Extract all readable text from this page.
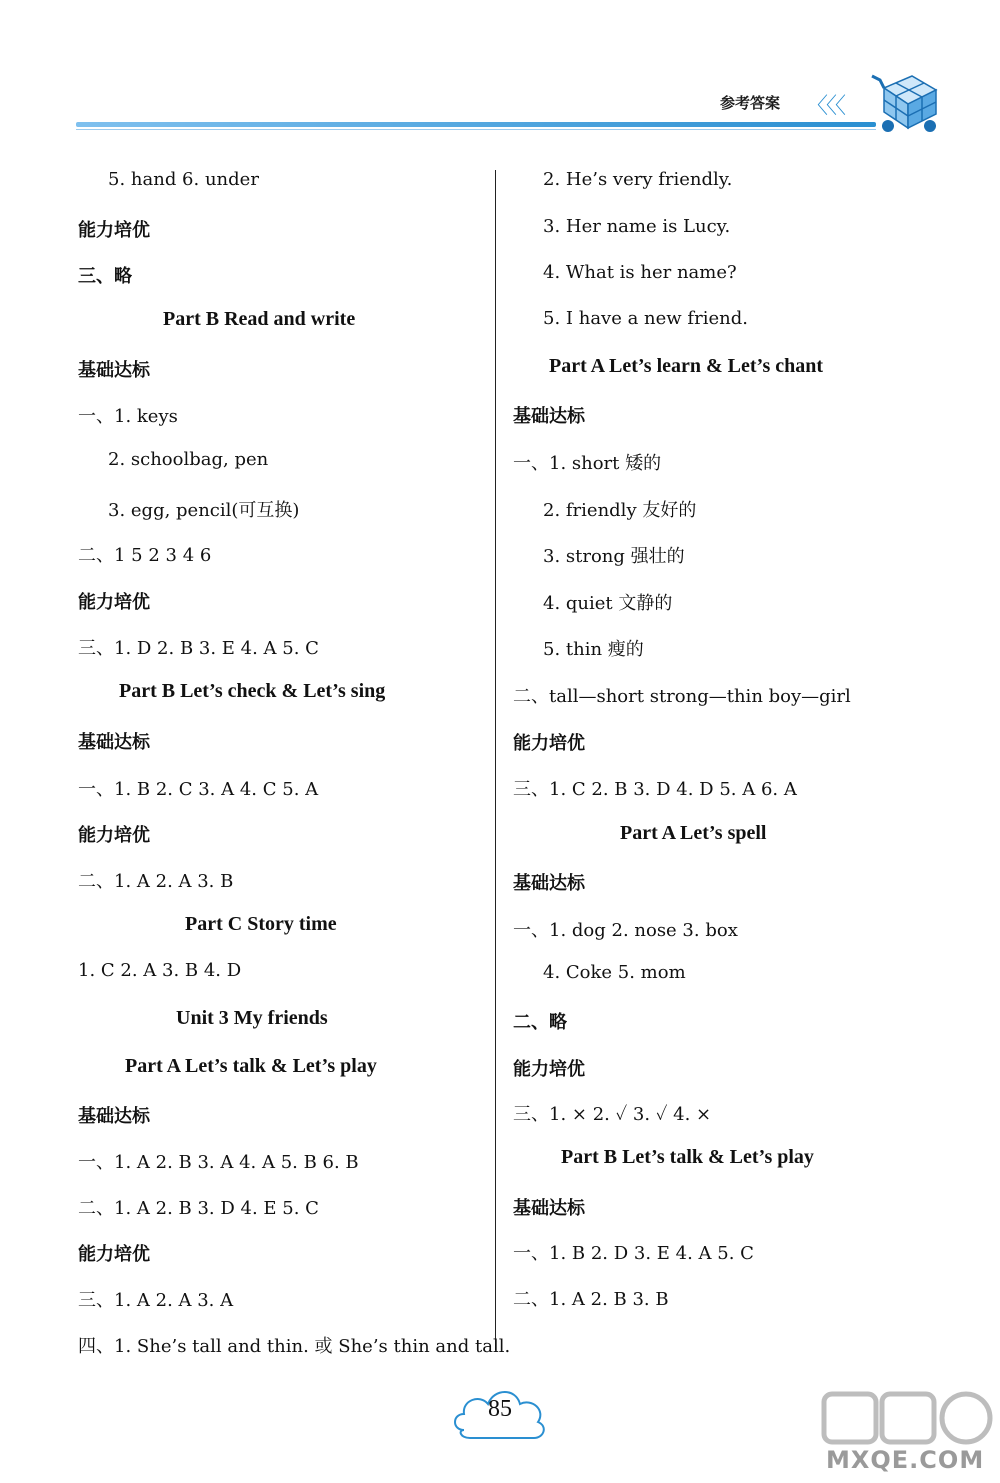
参考答案 〈〈〈
5. hand 6. under
能力培优
三、略
Part B Read and write
基础达标
一、1. keys
2. schoolbag, pen
3. egg, pencil(可互换)
二、1 5 2 3 4 6
能力培优
三、1. D 2. B 3. E 4. A 5. C
Part B Let’s check & Let’s sing
基础达标
一、1. B 2. C 3. A 4. C 5. A
能力培优
二、1. A 2. A 3. B
Part C Story time
1. C 2. A 3. B 4. D
Unit 3 My friends
Part A Let’s talk & Let’s play
基础达标
一、1. A 2. B 3. A 4. A 5. B 6. B
二、1. A 2. B 3. D 4. E 5. C
能力培优
三、1. A 2. A 3. A
四、1. She’s tall and thin. 或 She’s thin and tall.
2. He’s very friendly.
3. Her name is Lucy.
4. What is her name?
5. I have a new friend.
Part A Let’s learn & Let’s chant
基础达标
一、1. short 矮的
2. friendly 友好的
3. strong 强壮的
4. quiet 文静的
5. thin 瘦的
二、tall—short strong—thin boy—girl
能力培优
三、1. C 2. B 3. D 4. D 5. A 6. A
Part A Let’s spell
基础达标
一、1. dog 2. nose 3. box
4. Coke 5. mom
二、略
能力培优
三、1. × 2. ✓ 3. ✓ 4. ×
Part B Let’s talk & Let’s play
基础达标
一、1. B 2. D 3. E 4. A 5. C
二、1. A 2. B 3. B
85
MXQE.COM
